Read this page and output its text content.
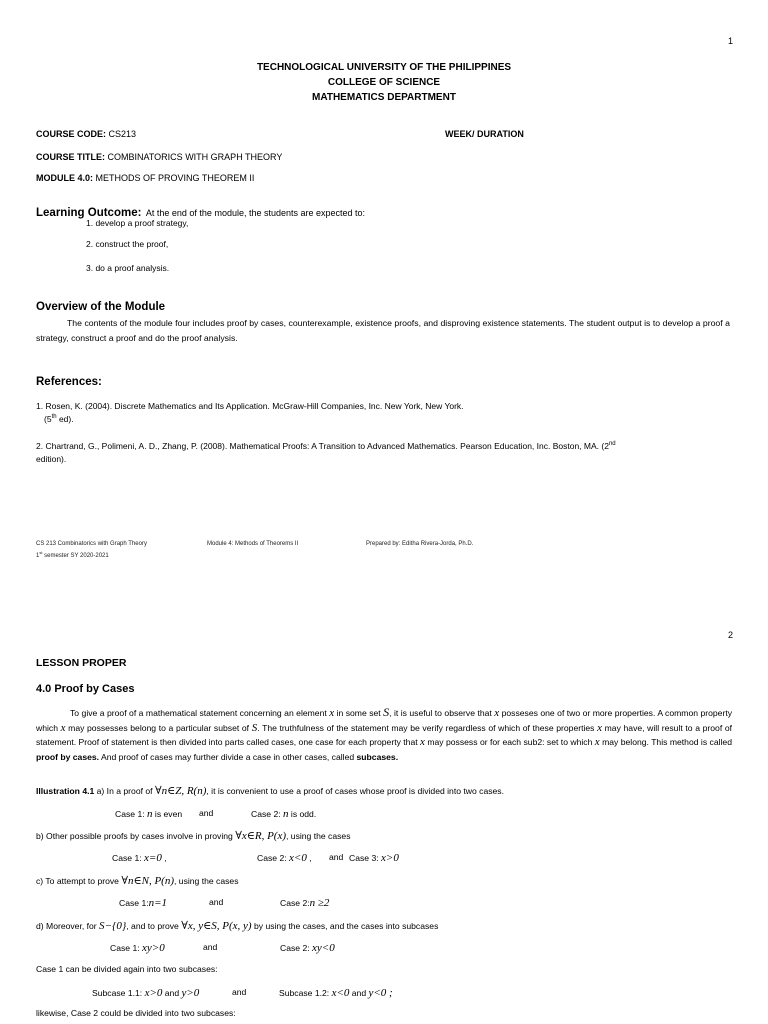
1
TECHNOLOGICAL UNIVERSITY OF THE PHILIPPINES
COLLEGE OF SCIENCE
MATHEMATICS DEPARTMENT
COURSE CODE: CS213	WEEK/ DURATION
COURSE TITLE: COMBINATORICS WITH GRAPH THEORY
MODULE 4.0: METHODS OF PROVING THEOREM II
Learning Outcome: At the end of the module, the students are expected to:
1. develop a proof strategy,
2. construct the proof,
3. do a proof analysis.
Overview of the Module
The contents of the module four includes proof by cases, counterexample, existence proofs, and disproving existence statements. The student output is to develop a proof a strategy, construct a proof and do the proof analysis.
References:
1. Rosen, K. (2004). Discrete Mathematics and Its Application. McGraw-Hill Companies, Inc. New York, New York.
(5th ed).
2. Chartrand, G., Polimeni, A. D., Zhang, P. (2008). Mathematical Proofs: A Transition to Advanced Mathematics. Pearson Education, Inc. Boston, MA. (2nd
edition).
CS 213 Combinatorics with Graph Theory
1st semester SY 2020-2021
Module 4: Methods of Theorems II	Prepared by: Editha Rivera-Jorda, Ph.D.
2
LESSON PROPER
4.0 Proof by Cases
To give a proof of a mathematical statement concerning an element x in some set S, it is useful to observe that x posseses one of two or more properties. A common property which x may possesses belong to a particular subset of S. The truthfulness of the statement may be verify regardless of which of these properties x may have, will result to a proof of statement. Proof of statement is then divided into parts called cases, one case for each property that x may possess or for each sub2: set to which x may belong. This method is called proof by cases. And proof of cases may further divide a case in other cases, called subcases.
Illustration 4.1 a) In a proof of ∀n∈Z, R(n), it is convenient to use a proof of cases whose proof is divided into two cases.
Case 1: n is even and	Case 2: n is odd.
b) Other possible proofs by cases involve in proving ∀x∈R, P(x), using the cases
Case 1: x=0 ,	Case 2: x<0 , and Case 3: x>0
c) To attempt to prove ∀n∈N, P(n), using the cases
Case 1:n=1	and	Case 2:n ≥2
d) Moreover, for S−{0}, and to prove ∀x, y∈S, P(x, y) by using the cases, and the cases into subcases
Case 1: xy>0	and	Case 2: xy<0
Case 1 can be divided again into two subcases:
Subcase 1.1: x>0 and y>0	and	Subcase 1.2: x<0 and y<0 ;
likewise, Case 2 could be divided into two subcases:
